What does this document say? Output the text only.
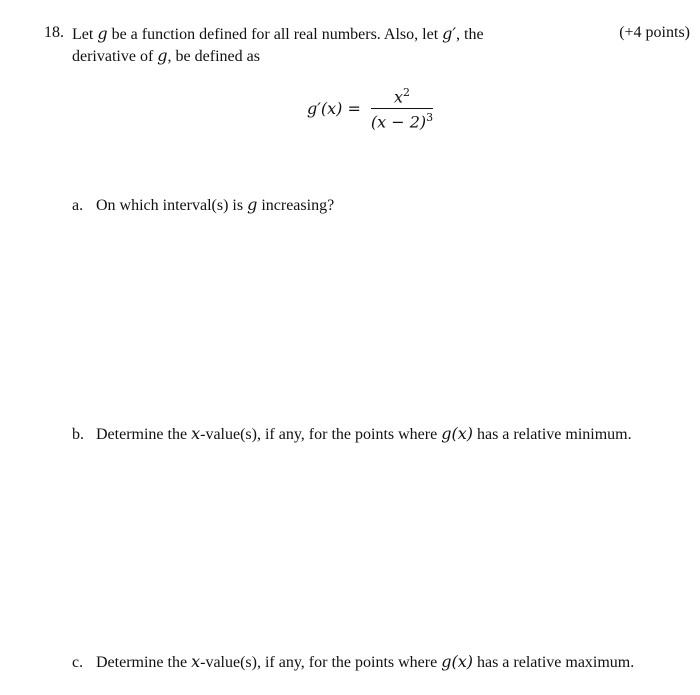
18. Let g be a function defined for all real numbers. Also, let g′, the
derivative of g, be defined as
(+4 points)
$g'(x) = \frac{x^2}{(x - 2)^3}$
a. On which interval(s) is g increasing?
b. Determine the x-value(s), if any, for the points where g(x) has a relative minimum.
c. Determine the x-value(s), if any, for the points where g(x) has a relative maximum.
